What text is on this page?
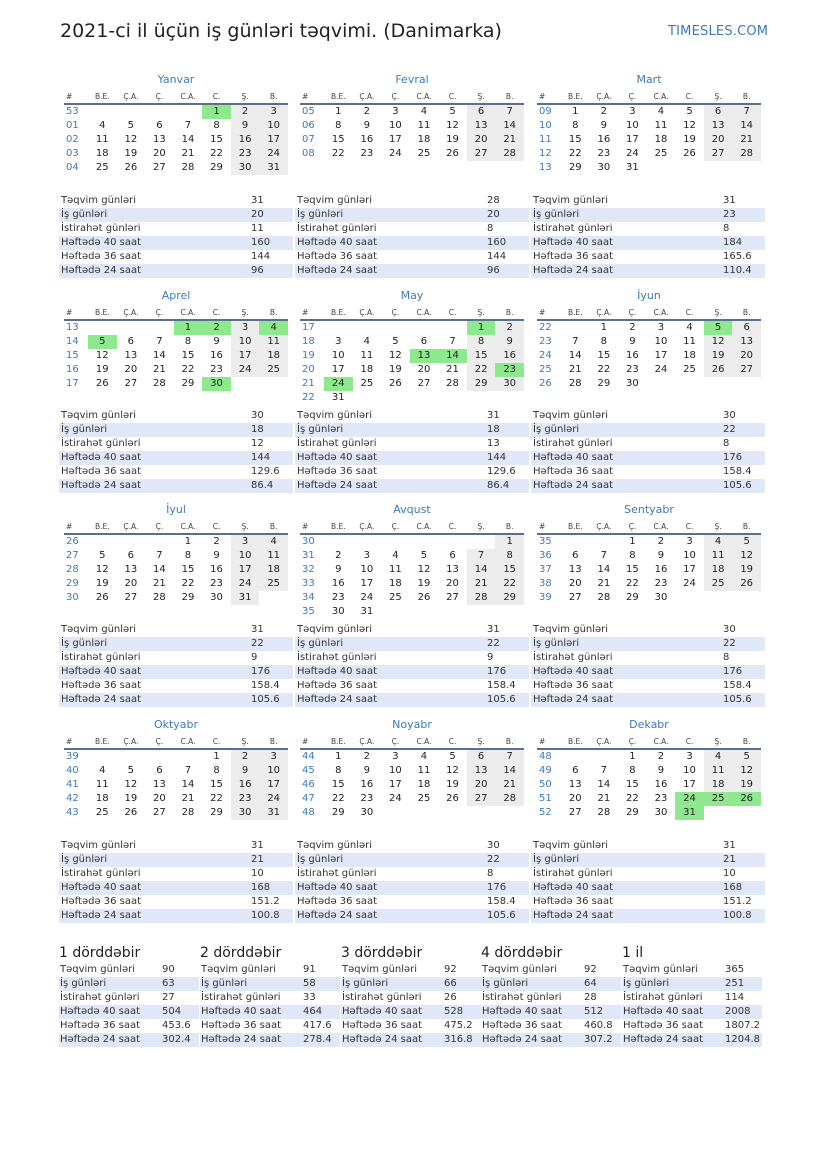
2021-ci il üçün iş günləri təqvimi. (Danimarka)	TIMESLES.COM
Yanvar
#	B.E.	Ç.A.	Ç.	C.A.	C.	Ş.	B.
53					1	2	3
01	4	5	6	7	8	9	10
02	11	12	13	14	15	16	17
03	18	19	20	21	22	23	24
04	25	26	27	28	29	30	31
Təqvim günləri	31
İş günləri	20
İstirahət günləri	11
Həftədə 40 saat	160
Həftədə 36 saat	144
Həftədə 24 saat	96
Fevral
#	B.E.	Ç.A.	Ç.	C.A.	C.	Ş.	B.
05	1	2	3	4	5	6	7
06	8	9	10	11	12	13	14
07	15	16	17	18	19	20	21
08	22	23	24	25	26	27	28
Təqvim günləri	28
İş günləri	20
İstirahət günləri	8
Həftədə 40 saat	160
Həftədə 36 saat	144
Həftədə 24 saat	96
Mart
#	B.E.	Ç.A.	Ç.	C.A.	C.	Ş.	B.
09	1	2	3	4	5	6	7
10	8	9	10	11	12	13	14
11	15	16	17	18	19	20	21
12	22	23	24	25	26	27	28
13	29	30	31				
Təqvim günləri	31
İş günləri	23
İstirahət günləri	8
Həftədə 40 saat	184
Həftədə 36 saat	165.6
Həftədə 24 saat	110.4
Aprel
#	B.E.	Ç.A.	Ç.	C.A.	C.	Ş.	B.
13				1	2	3	4
14	5	6	7	8	9	10	11
15	12	13	14	15	16	17	18
16	19	20	21	22	23	24	25
17	26	27	28	29	30		
Təqvim günləri	30
İş günləri	18
İstirahət günləri	12
Həftədə 40 saat	144
Həftədə 36 saat	129.6
Həftədə 24 saat	86.4
May
#	B.E.	Ç.A.	Ç.	C.A.	C.	Ş.	B.
17						1	2
18	3	4	5	6	7	8	9
19	10	11	12	13	14	15	16
20	17	18	19	20	21	22	23
21	24	25	26	27	28	29	30
22	31						
Təqvim günləri	31
İş günləri	18
İstirahət günləri	13
Həftədə 40 saat	144
Həftədə 36 saat	129.6
Həftədə 24 saat	86.4
İyun
#	B.E.	Ç.A.	Ç.	C.A.	C.	Ş.	B.
22		1	2	3	4	5	6
23	7	8	9	10	11	12	13
24	14	15	16	17	18	19	20
25	21	22	23	24	25	26	27
26	28	29	30				
Təqvim günləri	30
İş günləri	22
İstirahət günləri	8
Həftədə 40 saat	176
Həftədə 36 saat	158.4
Həftədə 24 saat	105.6
İyul
#	B.E.	Ç.A.	Ç.	C.A.	C.	Ş.	B.
26				1	2	3	4
27	5	6	7	8	9	10	11
28	12	13	14	15	16	17	18
29	19	20	21	22	23	24	25
30	26	27	28	29	30	31	
Təqvim günləri	31
İş günləri	22
İstirahət günləri	9
Həftədə 40 saat	176
Həftədə 36 saat	158.4
Həftədə 24 saat	105.6
Avqust
#	B.E.	Ç.A.	Ç.	C.A.	C.	Ş.	B.
30							1
31	2	3	4	5	6	7	8
32	9	10	11	12	13	14	15
33	16	17	18	19	20	21	22
34	23	24	25	26	27	28	29
35	30	31					
Təqvim günləri	31
İş günləri	22
İstirahət günləri	9
Həftədə 40 saat	176
Həftədə 36 saat	158.4
Həftədə 24 saat	105.6
Sentyabr
#	B.E.	Ç.A.	Ç.	C.A.	C.	Ş.	B.
35			1	2	3	4	5
36	6	7	8	9	10	11	12
37	13	14	15	16	17	18	19
38	20	21	22	23	24	25	26
39	27	28	29	30			
Təqvim günləri	30
İş günləri	22
İstirahət günləri	8
Həftədə 40 saat	176
Həftədə 36 saat	158.4
Həftədə 24 saat	105.6
Oktyabr
#	B.E.	Ç.A.	Ç.	C.A.	C.	Ş.	B.
39					1	2	3
40	4	5	6	7	8	9	10
41	11	12	13	14	15	16	17
42	18	19	20	21	22	23	24
43	25	26	27	28	29	30	31
Təqvim günləri	31
İş günləri	21
İstirahət günləri	10
Həftədə 40 saat	168
Həftədə 36 saat	151.2
Həftədə 24 saat	100.8
Noyabr
#	B.E.	Ç.A.	Ç.	C.A.	C.	Ş.	B.
44	1	2	3	4	5	6	7
45	8	9	10	11	12	13	14
46	15	16	17	18	19	20	21
47	22	23	24	25	26	27	28
48	29	30					
Təqvim günləri	30
İş günləri	22
İstirahət günləri	8
Həftədə 40 saat	176
Həftədə 36 saat	158.4
Həftədə 24 saat	105.6
Dekabr
#	B.E.	Ç.A.	Ç.	C.A.	C.	Ş.	B.
48			1	2	3	4	5
49	6	7	8	9	10	11	12
50	13	14	15	16	17	18	19
51	20	21	22	23	24	25	26
52	27	28	29	30	31		
Təqvim günləri	31
İş günləri	21
İstirahət günləri	10
Həftədə 40 saat	168
Həftədə 36 saat	151.2
Həftədə 24 saat	100.8
1 dörddəbir
Təqvim günləri	90
İş günləri	63
İstirahət günləri	27
Həftədə 40 saat	504
Həftədə 36 saat	453.6
Həftədə 24 saat	302.4
2 dörddəbir
Təqvim günləri	91
İş günləri	58
İstirahət günləri	33
Həftədə 40 saat	464
Həftədə 36 saat	417.6
Həftədə 24 saat	278.4
3 dörddəbir
Təqvim günləri	92
İş günləri	66
İstirahət günləri	26
Həftədə 40 saat	528
Həftədə 36 saat	475.2
Həftədə 24 saat	316.8
4 dörddəbir
Təqvim günləri	92
İş günləri	64
İstirahət günləri	28
Həftədə 40 saat	512
Həftədə 36 saat	460.8
Həftədə 24 saat	307.2
1 il
Təqvim günləri	365
İş günləri	251
İstirahət günləri	114
Həftədə 40 saat	2008
Həftədə 36 saat	1807.2
Həftədə 24 saat	1204.8
